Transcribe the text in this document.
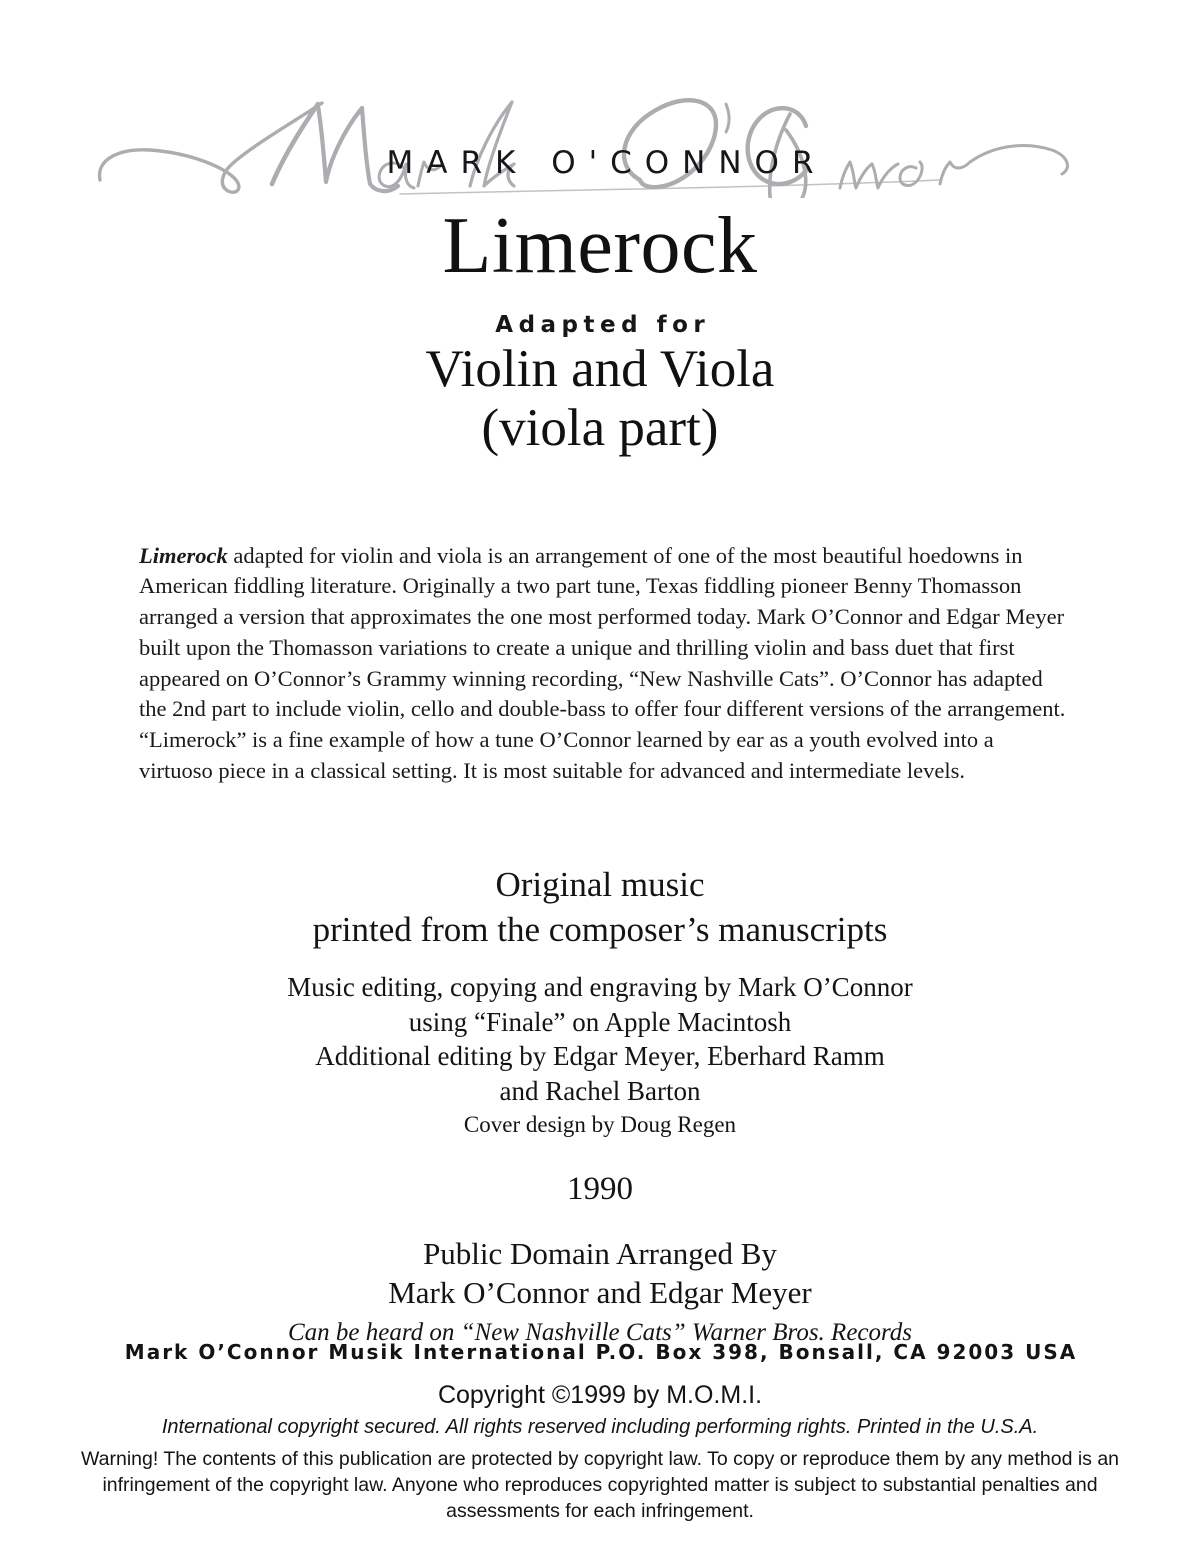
MARK O'CONNOR
Limerock
Adapted for
Violin and Viola
(viola part)

Limerock adapted for violin and viola is an arrangement of one of the most beautiful hoedowns in American fiddling literature. Originally a two part tune, Texas fiddling pioneer Benny Thomasson arranged a version that approximates the one most performed today. Mark O’Connor and Edgar Meyer built upon the Thomasson variations to create a unique and thrilling violin and bass duet that first appeared on O’Connor’s Grammy winning recording, “New Nashville Cats”. O’Connor has adapted the 2nd part to include violin, cello and double-bass to offer four different versions of the arrangement. “Limerock” is a fine example of how a tune O’Connor learned by ear as a youth evolved into a virtuoso piece in a classical setting. It is most suitable for advanced and intermediate levels.

Original music
printed from the composer’s manuscripts
Music editing, copying and engraving by Mark O’Connor
using “Finale” on Apple Macintosh
Additional editing by Edgar Meyer, Eberhard Ramm
and Rachel Barton
Cover design by Doug Regen
1990
Public Domain Arranged By
Mark O’Connor and Edgar Meyer
Can be heard on “New Nashville Cats” Warner Bros. Records
Mark O’Connor Musik International P.O. Box 398, Bonsall, CA 92003 USA
Copyright ©1999 by M.O.M.I.
International copyright secured. All rights reserved including performing rights. Printed in the U.S.A.
Warning! The contents of this publication are protected by copyright law. To copy or reproduce them by any method is an infringement of the copyright law. Anyone who reproduces copyrighted matter is subject to substantial penalties and assessments for each infringement.
